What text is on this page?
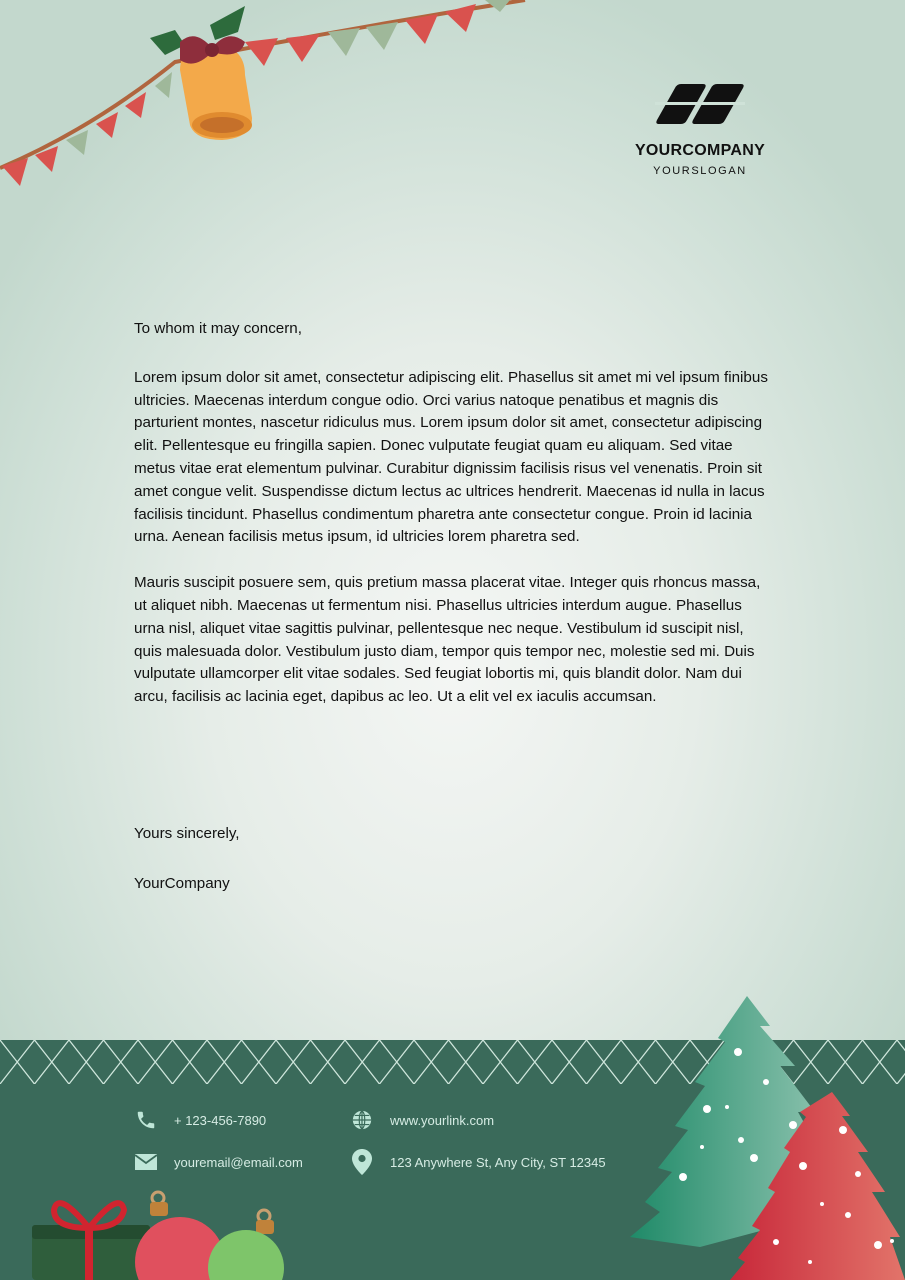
YOURCOMPANY
YOURSLOGAN

To whom it may concern,

Lorem ipsum dolor sit amet, consectetur adipiscing elit. Phasellus sit amet mi vel ipsum finibus ultricies. Maecenas interdum congue odio. Orci varius natoque penatibus et magnis dis parturient montes, nascetur ridiculus mus. Lorem ipsum dolor sit amet, consectetur adipiscing elit. Pellentesque eu fringilla sapien. Donec vulputate feugiat quam eu aliquam. Sed vitae metus vitae erat elementum pulvinar. Curabitur dignissim facilisis risus vel venenatis. Proin sit amet congue velit. Suspendisse dictum lectus ac ultrices hendrerit. Maecenas id nulla in lacus facilisis tincidunt. Phasellus condimentum pharetra ante consectetur congue. Proin id lacinia urna. Aenean facilisis metus ipsum, id ultricies lorem pharetra sed.

Mauris suscipit posuere sem, quis pretium massa placerat vitae. Integer quis rhoncus massa, ut aliquet nibh. Maecenas ut fermentum nisi. Phasellus ultricies interdum augue. Phasellus urna nisl, aliquet vitae sagittis pulvinar, pellentesque nec neque. Vestibulum id suscipit nisl, quis malesuada dolor. Vestibulum justo diam, tempor quis tempor nec, molestie sed mi. Duis vulputate ullamcorper elit vitae sodales. Sed feugiat lobortis mi, quis blandit dolor. Nam dui arcu, facilisis ac lacinia eget, dapibus ac leo. Ut a elit vel ex iaculis accumsan.

Yours sincerely,
YourCompany
+ 123-456-7890
youremail@email.com
www.yourlink.com
123 Anywhere St, Any City, ST 12345
